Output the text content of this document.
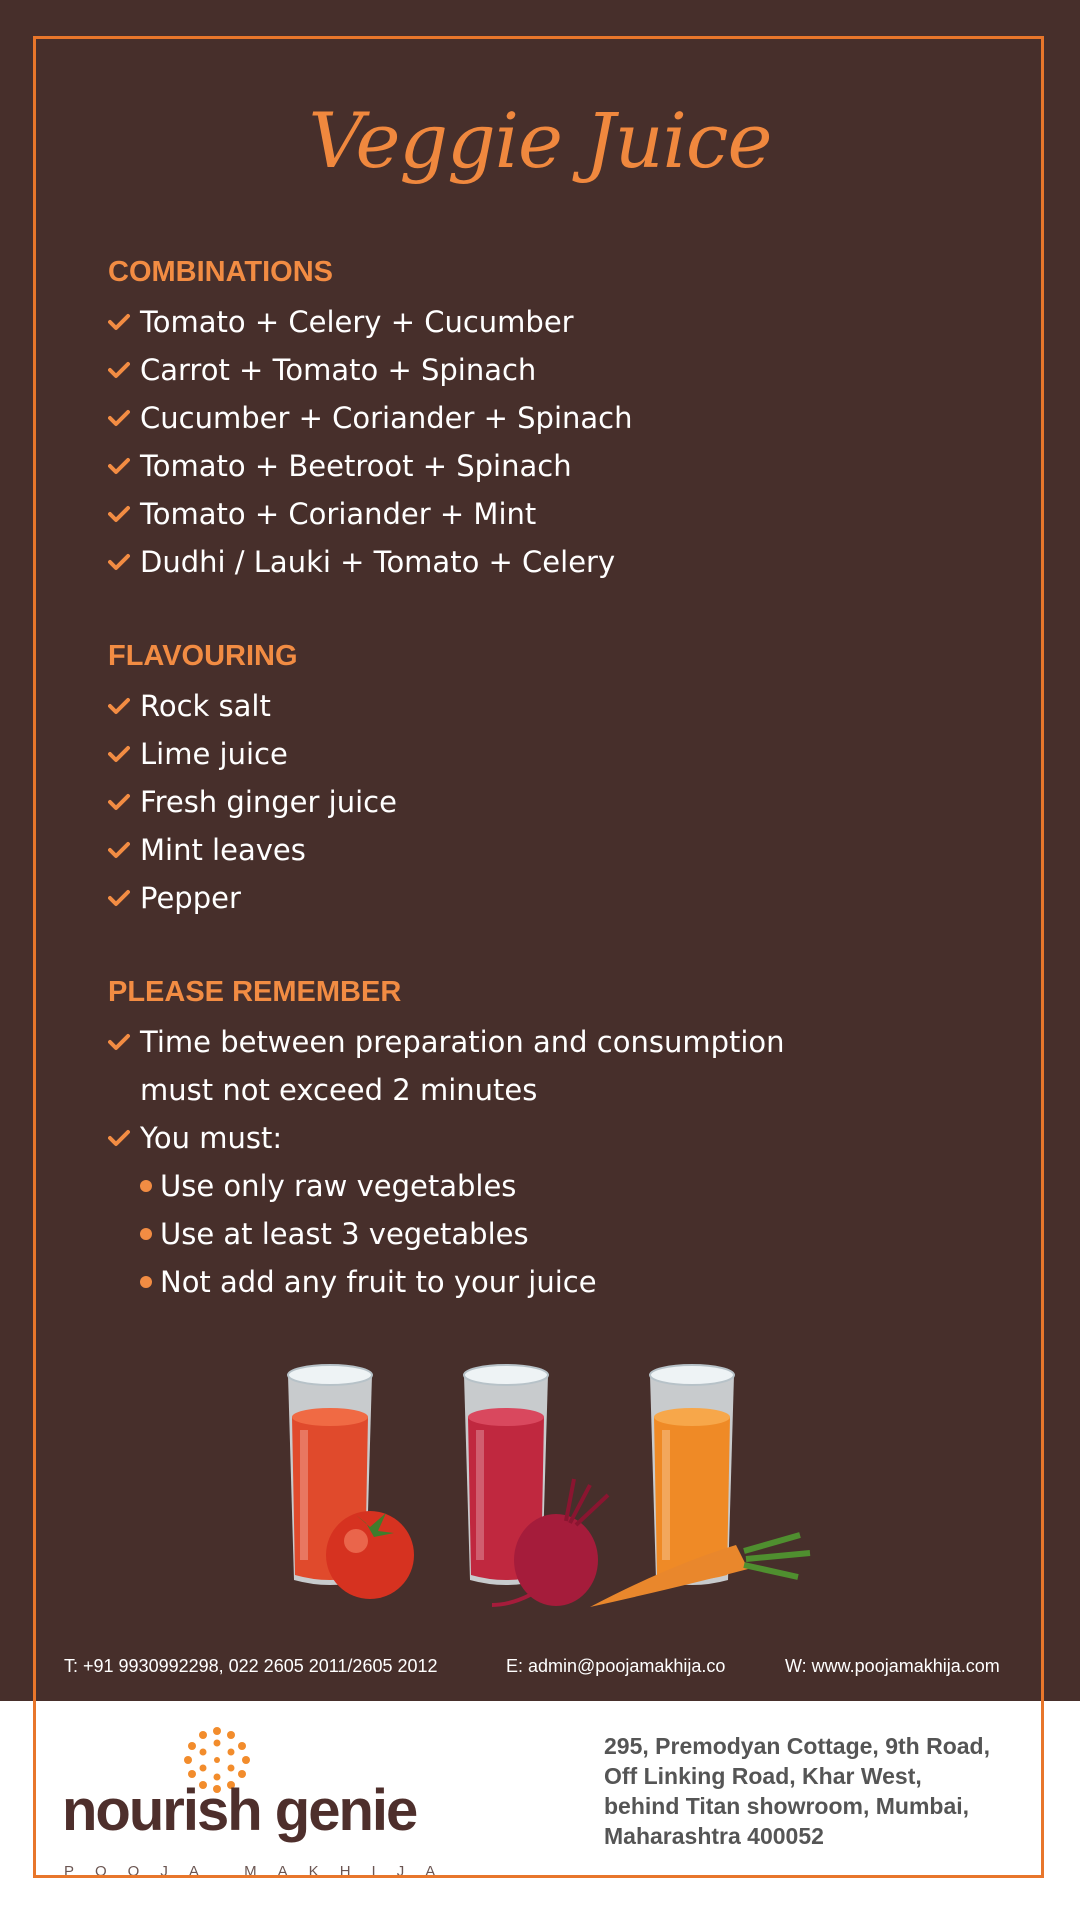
Veggie Juice
COMBINATIONS
Tomato + Celery + Cucumber
Carrot + Tomato + Spinach
Cucumber + Coriander + Spinach
Tomato + Beetroot + Spinach
Tomato + Coriander + Mint
Dudhi / Lauki + Tomato + Celery
FLAVOURING
Rock salt
Lime juice
Fresh ginger juice
Mint leaves
Pepper
PLEASE REMEMBER
Time between preparation and consumption
must not exceed 2 minutes
You must:
Use only raw vegetables
Use at least 3 vegetables
Not add any fruit to your juice
T: +91 9930992298, 022 2605 2011/2605 2012	E: admin@poojamakhija.co	W: www.poojamakhija.com
nourish genie
POOJA MAKHIJA
295, Premodyan Cottage, 9th Road,
Off Linking Road, Khar West,
behind Titan showroom, Mumbai,
Maharashtra 400052
